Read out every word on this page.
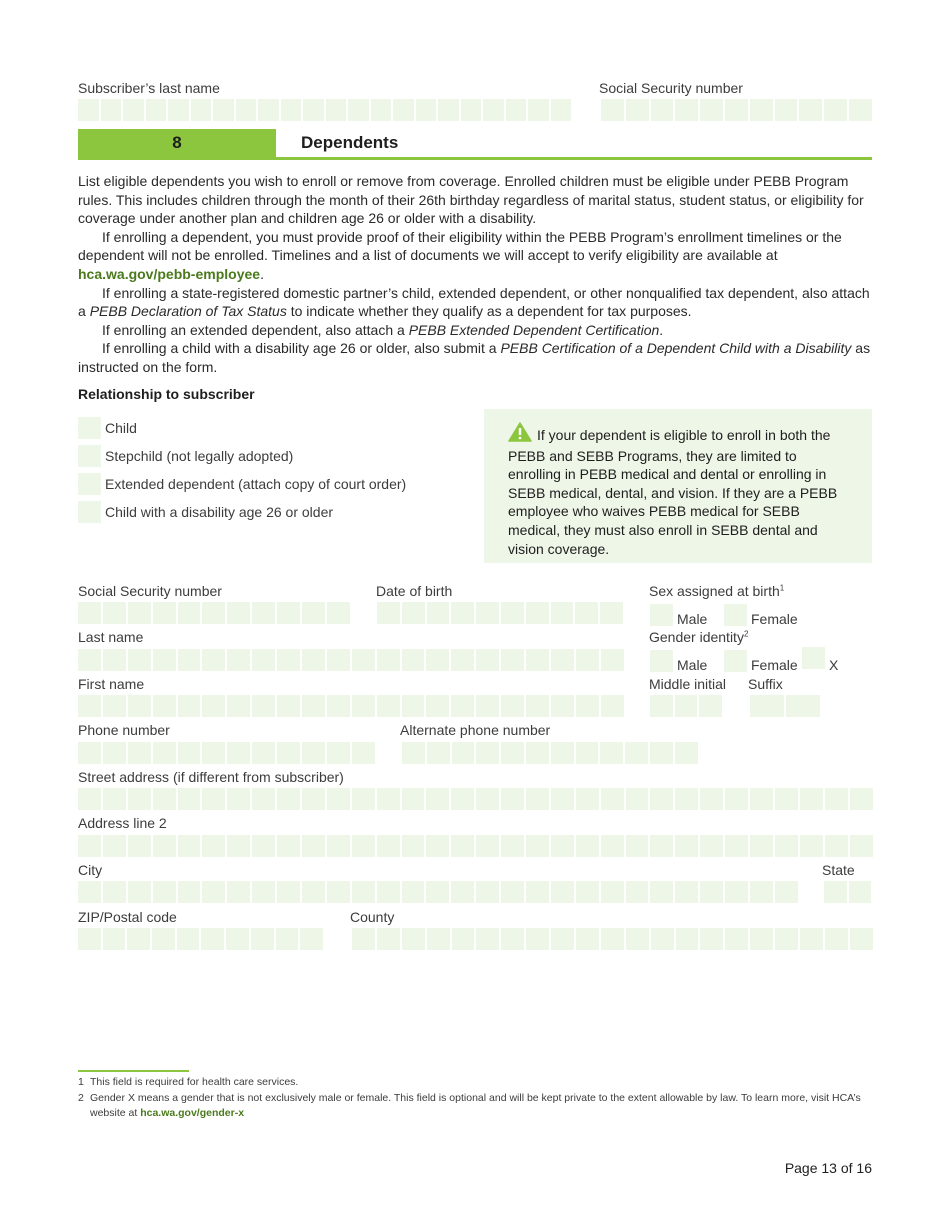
Subscriber’s last name	Social Security number
8	Dependents

List eligible dependents you wish to enroll or remove from coverage. Enrolled children must be eligible under PEBB Program rules. This includes children through the month of their 26th birthday regardless of marital status, student status, or eligibility for coverage under another plan and children age 26 or older with a disability.

If enrolling a dependent, you must provide proof of their eligibility within the PEBB Program’s enrollment timelines or the dependent will not be enrolled. Timelines and a list of documents we will accept to verify eligibility are available at hca.wa.gov/pebb-employee.

If enrolling a state-registered domestic partner’s child, extended dependent, or other nonqualified tax dependent, also attach a PEBB Declaration of Tax Status to indicate whether they qualify as a dependent for tax purposes.

If enrolling an extended dependent, also attach a PEBB Extended Dependent Certification.

If enrolling a child with a disability age 26 or older, also submit a PEBB Certification of a Dependent Child with a Disability as instructed on the form.

Relationship to subscriber
Child
Stepchild (not legally adopted)
Extended dependent (attach copy of court order)
Child with a disability age 26 or older
If your dependent is eligible to enroll in both the PEBB and SEBB Programs, they are limited to enrolling in PEBB medical and dental or enrolling in SEBB medical, dental, and vision. If they are a PEBB employee who waives PEBB medical for SEBB medical, they must also enroll in SEBB dental and vision coverage.
Social Security number	Date of birth	Sex assigned at birth$^1$
Male	Female
Last name	Gender identity$^2$
Male	Female X
First name	Middle initial Suffix
Phone number	Alternate phone number
Street address (if different from subscriber)
Address line 2
City	State
ZIP/Postal code	County
1 This field is required for health care services.
2 Gender X means a gender that is not exclusively male or female. This field is optional and will be kept private to the extent allowable by law. To learn more, visit HCA’s website at hca.wa.gov/gender-x
Page 13 of 16
